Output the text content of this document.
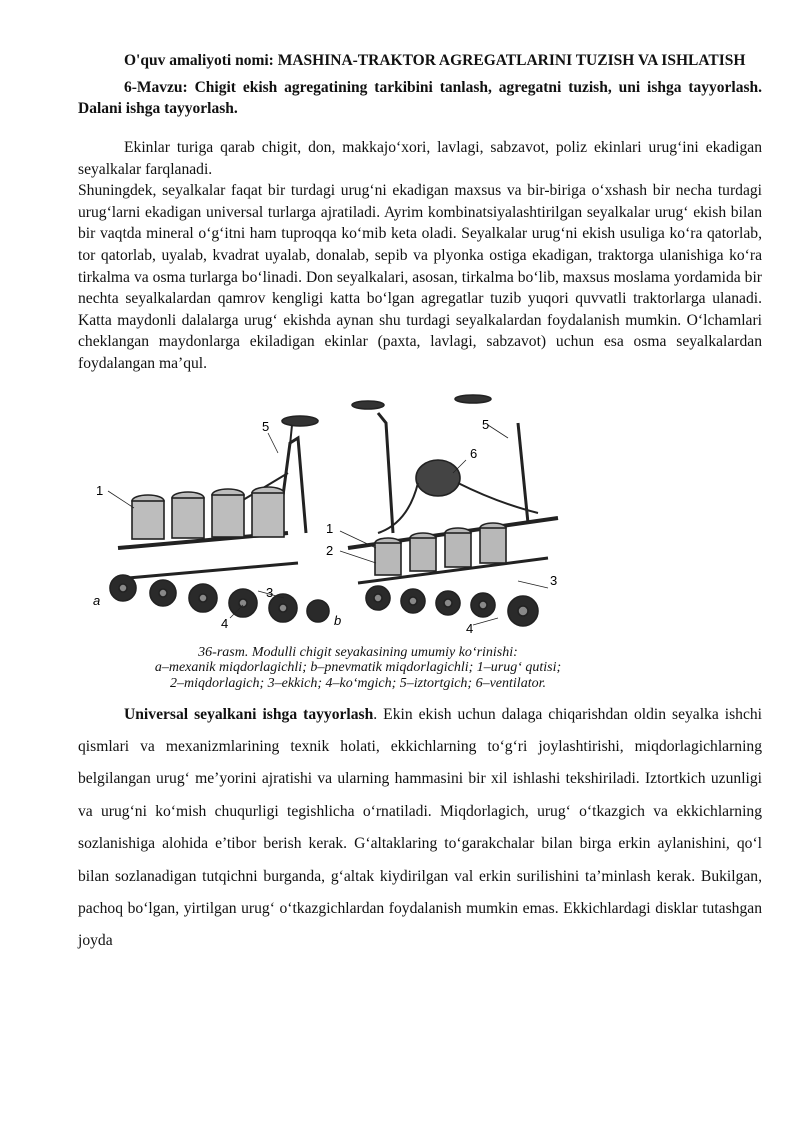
O'quv amaliyoti nomi: MASHINA-TRAKTOR AGREGATLARINI TUZISH VA ISHLATISH

6-Mavzu: Chigit ekish agregatining tarkibini tanlash, agregatni tuzish, uni ishga tayyorlash. Dalani ishga tayyorlash.

Ekinlar turiga qarab chigit, don, makkajo‘xori, lavlagi, sabzavot, poliz ekinlari urug‘ini ekadigan seyalkalar farqlanadi.

Shuningdek, seyalkalar faqat bir turdagi urug‘ni ekadigan maxsus va bir-biriga o‘xshash bir necha turdagi urug‘larni ekadigan universal turlarga ajratiladi. Ayrim kombinatsiyalashtirilgan seyalkalar urug‘ ekish bilan bir vaqtda mineral o‘g‘itni ham tuproqqa ko‘mib keta oladi. Seyalkalar urug‘ni ekish usuliga ko‘ra qatorlab, tor qatorlab, uyalab, kvadrat uyalab, donalab, sepib va plyonka ostiga ekadigan, traktorga ulanishiga ko‘ra tirkalma va osma turlarga bo‘linadi. Don seyalkalari, asosan, tirkalma bo‘lib, maxsus moslama yordamida bir nechta seyalkalardan qamrov kengligi katta bo‘lgan agregatlar tuzib yuqori quvvatli traktorlarga ulanadi. Katta maydonli dalalarga urug‘ ekishda aynan shu turdagi seyalkalardan foydalanish mumkin. O‘lchamlari cheklangan maydonlarga ekiladigan ekinlar (paxta, lavlagi, sabzavot) uchun esa osma seyalkalardan foydalangan ma’qul.

1
5
4
3
a
1
2
5
6
3
4
b
36-rasm. Modulli chigit seyakasining umumiy ko‘rinishi:
a–mexanik miqdorlagichli; b–pnevmatik miqdorlagichli; 1–urug‘ qutisi;
2–miqdorlagich; 3–ekkich; 4–ko‘mgich; 5–iztortgich; 6–ventilator.

Universal seyalkani ishga tayyorlash. Ekin ekish uchun dalaga chiqarishdan oldin seyalka ishchi qismlari va mexanizmlarining texnik holati, ekkichlarning to‘g‘ri joylashtirishi, miqdorlagichlarning belgilangan urug‘ me’yorini ajratishi va ularning hammasini bir xil ishlashi tekshiriladi. Iztortkich uzunligi va urug‘ni ko‘mish chuqurligi tegishlicha o‘rnatiladi. Miqdorlagich, urug‘ o‘tkazgich va ekkichlarning sozlanishiga alohida e’tibor berish kerak. G‘altaklaring to‘garakchalar bilan birga erkin aylanishini, qo‘l bilan sozlanadigan tutqichni burganda, g‘altak kiydirilgan val erkin surilishini ta’minlash kerak. Bukilgan, pachoq bo‘lgan, yirtilgan urug‘ o‘tkazgichlardan foydalanish mumkin emas. Ekkichlardagi disklar tutashgan joyda
